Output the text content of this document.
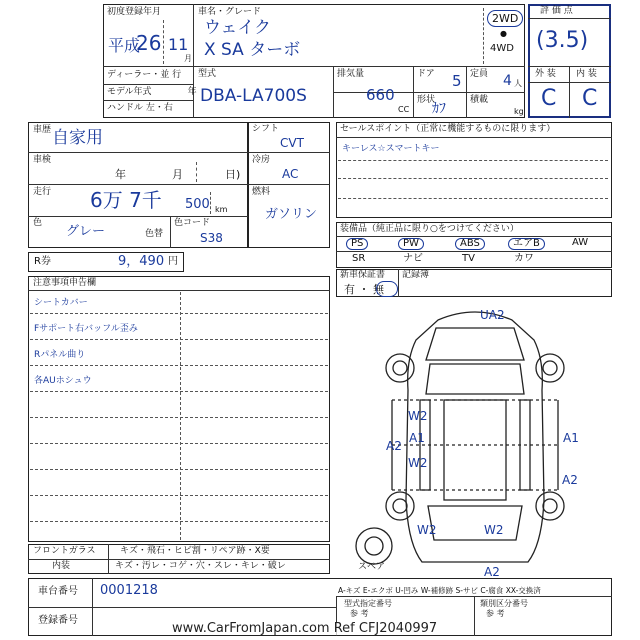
初度登録年月
平成
26 11
月
車名・グレード
ウェイク
X SA ターボ
2WD
●
4WD
ディーラー・並 行
モデル年式	年
ハンドル 左・右
型式
DBA-LA700S
排気量
660
CC
ドア 5 定員 4 人
形状
ｶﾌ
積載
kg
評 価 点
(3.5)
外 装 内 装
C C
車歴 自家用
車検
年	月	日)
走行 6万 7千 500 km
色
グレー	色替
色コード
S38
シフト
CVT
冷房
AC
燃料
ガソリン
R券	9，490 円
セールスポイント（正常に機能するものに限ります）
キーレス☆スマートキー
装備品（純正品に限り○をつけてください）
PS	PW	ABS	エアB	AW
SR	ナビ	TV	カワ
新車保証書
有 ・ 無
記録簿
注意事項申告欄
シートカバー
Fサポート右バッフル歪み
Rパネル曲り
各AUホシュウ
UA2
W2
A1
A2
W2
A1
A2
W2	W2
A2
スペア
A-キズ E-エクボ U-凹み W-補修跡 S-サビ C-腐食 XX-交換済
フロントガラス	キズ・飛石・ヒビ割・リペア跡・X要
内装	キズ・汚レ・コゲ・穴・スレ・キレ・破レ
車台番号 0001218
登録番号
型式指定番号
参 考
類別区分番号
参 考
www.CarFromJapan.com Ref CFJ2040997
